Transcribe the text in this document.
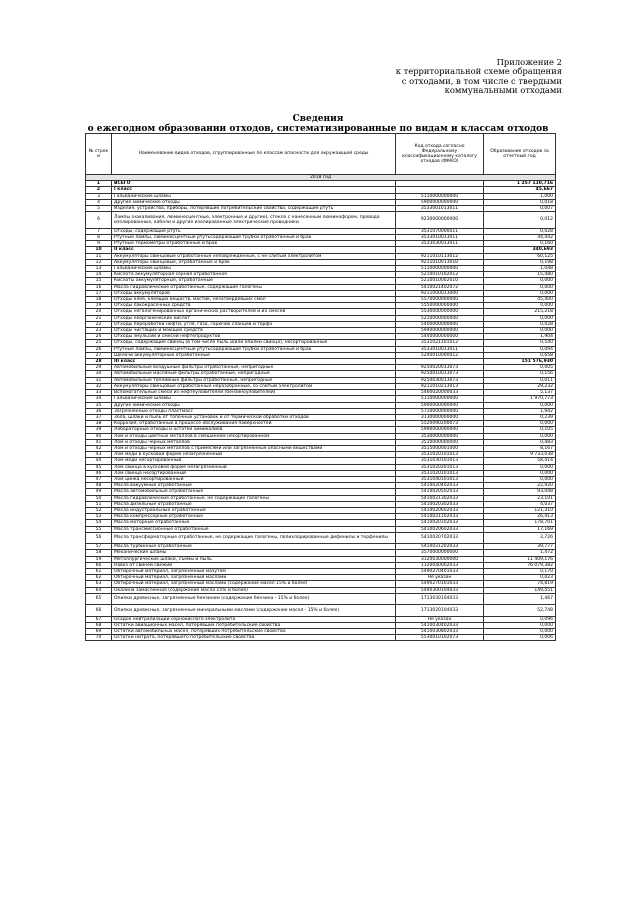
Приложение 2
к территориальной схеме обращения
с отходами, в том числе с твердыми
коммунальными отходами
Сведения
о ежегодном образовании отходов, систематизированные по видам и классам отходов
№ строк и	Наименование видов отходов, сгруппированные по классам опасности для окружающей среды	Код отхода согласно Федеральному классификационному каталогу отходов (ФККО)	Образование отходов за отчетный год
2018 год			
1	ВСЕГО		1 257 110,716
2	I класс		45,667
3	Гальванические шламы	5110000000000	1,000
4	Другие химические отходы	5900000000000	0,018
5	Изделия, устройства, приборы, потерявшие потребительские свойства, содержащие ртуть	3533001013011	0,007
6	Лампы (накаливания, люминесцентные, электронные и другие), стекло с нанесенным люминофором, провода изолированные, кабели и другие изолированные электрические проводники	9230000000000	0,012
7	Отходы, содержащие ртуть	3531070000011	0,028
8	Ртутные лампы, люминесцентные ртутьсодержащие трубки отработанные и брак	3533010013011	44,442
9	Ртутные термометры отработанные и брак	3533030013011	0,160
10	II класс		340,693
11	Аккумуляторы свинцовые отработанные неповрежденные, с не слитым электролитом	9211010113012	60,125
12	Аккумуляторы свинцовые, отработанные и брак	9211010013010	0,198
13	Гальванические шламы	5110000000000	1,048
14	Кислота аккумуляторная серная отработанная	5210010102012	15,480
15	Кислоты аккумуляторные, отработанные	5210010002010	0,000
16	Масла гидравлические отработанные, содержащие галогены	5410021402072	0,000
17	Отходы аккумуляторов	9211000013000	0,000
18	Отходы клея, клеящих веществ, мастик, незатвердевших смол	5570000000000	45,400
19	Отходы лакокрасочных средств	5550000000000	0,000
20	Отходы негалогенированных органических растворителей и их смесей	5530000000000	215,218
21	Отходы неорганических кислот	5210000000000	0,000
22	Отходы переработки нефти, угля, газа, горючих сланцев и торфа	5400000000000	0,028
23	Отходы чистящих и моющих средств	5940000000000	0,000
24	Отходы эмульсий и смесей нефтепродуктов	5440000000000	1,904
25	Отходы, содержащие свинец (в том числе пыль и/или опилки свинца), несортированные	3531021101012	0,540
26	Ртутные лампы, люминесцентные ртутьсодержащие трубки отработанные и брак	3533010013011	0,094
27	Щелочи аккумуляторные отработанные	5240010000012	0,658
28	III класс		151 576,930
29	Автомобильные воздушные фильтры отработанные, непригодные	9250020013073	0,005
30	Автомобильные масляные фильтры отработанные, непригодные	9250010013073	0,156
31	Автомобильные топливные фильтры отработанные, непригодные	9250030013073	0,011
32	Аккумуляторы свинцовые отработанные неразобранные, со слитым электролитом	9211010213013	29,232
33	Вспомогательные смеси из нефтеуловителей (бензиноуловителей)	5460020000033	5,137
34	Гальванические шламы	5110000000000	1 970,773
35	Другие химические отходы	5900000000000	0,000
36	Загрязненные отходы пластмасс	5710000000000	1,942
37	Зола, шлаки и пыль от топочных установок и от термической обработки отходов	3130000000000	0,239
38	Коррозия, отработанные в процессе обслуживания поверхностей	5520090200073	0,000
39	Лабораторные отходы и остатки химикалиев	5990000000000	0,105
40	Лом и отходы цветных металлов в смешанном несортированном	3530000000000	0,000
41	Лом и отходы черных металлов	3510000000000	0,483
42	Лом и отходы черных металлов с примесями или загрязненные опасными веществами	3515000001000	8,167
43	Лом меди в кусковой форме незагрязненный	3531020101013	9 733,038
44	Лом меди несортированный	3531030101013	58,414
45	Лом свинца в кусковой форме незагрязненный	3531020201013	0,000
46	Лом свинца несортированный	3531020101013	0,000
47	Лом цинка несортированный	3531040101013	0,000
48	Масла вакуумные отработанные	5410020402033	22,920
49	Масла автомобильные отработанные	5410020502033	93,048
50	Масла гидравлические отработанные, не содержащие галогены	5410021302033	23,101
51	Масла дизельные отработанные	5410020302033	4,037
52	Масла индустриальные отработанные	5410020602033	121,310
53	Масла компрессорные отработанные	5410021102033	26,413
54	Масла моторные отработанные	5410020102033	178,701
55	Масла трансмиссионные отработанные	5410020602033	17,169
56	Масла трансформаторные отработанные, не содержащие галогены, полихлорированные дифенилы и терфенилы	5410020702033	2,726
57	Масла турбинные отработанные	5410021202033	39,777
58	Механические шламы	3570000000000	1,472
59	Металлургические шлаки, съемы и пыль	3120030000000	11 409,176
60	Навоз от свиней свежий	1120040002033	76 079,382
61	Обтирочный материал, загрязненный мазутом	5490270401033	0,170
62	Обтирочный материал, загрязненный маслами	Не указан	0,023
63	Обтирочный материал, загрязненный маслами (содержание масел 15% и более)	5490270101033	74,819
64	Окалина замасленная (содержание масла 15% и более)	5490300104033	149,551
65	Опилки древесные, загрязненные бензином (содержание бензина - 15% и более)	1713030104033	1,467
66	Опилки древесные, загрязненные минеральными маслами (содержание масел - 15% и более)	1713020104033	52,748
67	Осадок нейтрализации сернокислого электролита	Не указан	0,096
68	Остатки авиационных масел, потерявших потребительские свойства	5410030402033	0,000
69	Остатки автомобильных масел, потерявших потребительские свойства	5410030802033	0,000
70	Остатки нитрата, потерявшего потребительские свойства	5530010102073	0,006
